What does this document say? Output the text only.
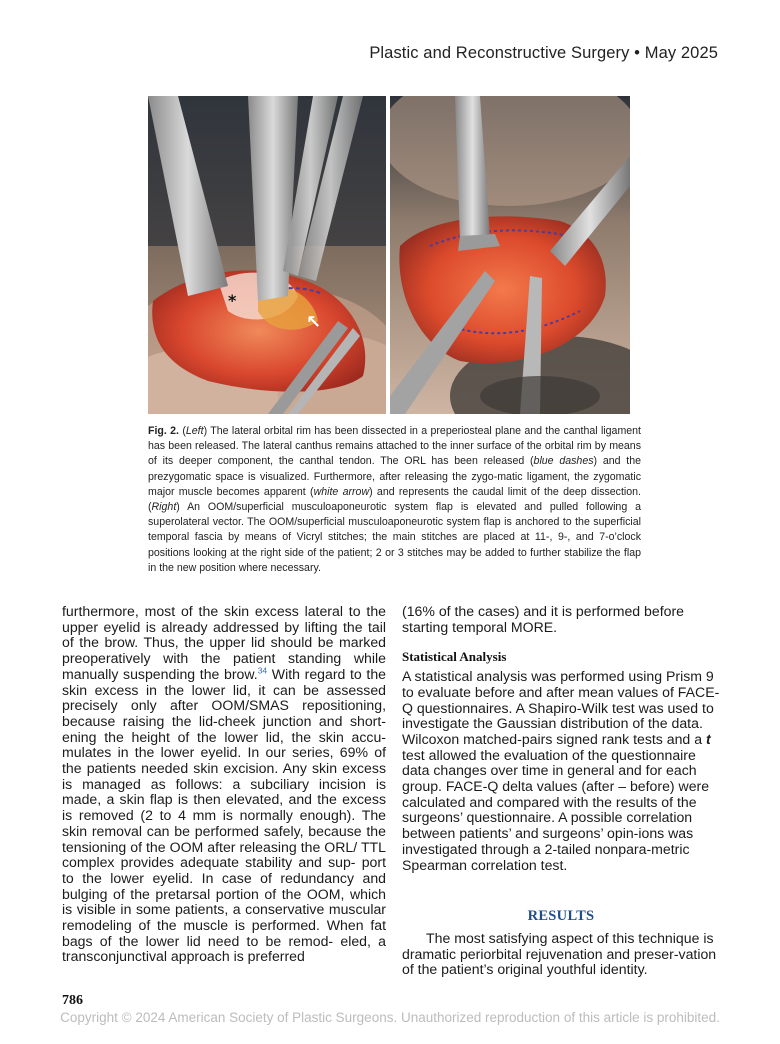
Plastic and Reconstructive Surgery • May 2025
*
↖
Fig. 2. (Left) The lateral orbital rim has been dissected in a preperiosteal plane and the canthal ligament has been released. The lateral canthus remains attached to the inner surface of the orbital rim by means of its deeper component, the canthal tendon. The ORL has been released (blue dashes) and the prezygomatic space is visualized. Furthermore, after releasing the zygo-matic ligament, the zygomatic major muscle becomes apparent (white arrow) and represents the caudal limit of the deep dissection. (Right) An OOM/superficial musculoaponeurotic system flap is elevated and pulled following a superolateral vector. The OOM/superficial musculoaponeurotic system flap is anchored to the superficial temporal fascia by means of Vicryl stitches; the main stitches are placed at 11-, 9-, and 7-o’clock positions looking at the right side of the patient; 2 or 3 stitches may be added to further stabilize the flap in the new position where necessary.

furthermore, most of the skin excess lateral to the upper eyelid is already addressed by lifting the tail of the brow. Thus, the upper lid should be marked preoperatively with the patient standing while manually suspending the brow.$^{34}$ With regard to the skin excess in the lower lid, it can be assessed precisely only after OOM/SMAS repositioning, because raising the lid-cheek junction and short-ening the height of the lower lid, the skin accu-mulates in the lower eyelid. In our series, 69% of the patients needed skin excision. Any skin excess is managed as follows: a subciliary incision is made, a skin flap is then elevated, and the excess is removed (2 to 4 mm is normally enough). The skin removal can be performed safely, because the tensioning of the OOM after releasing the ORL/ TTL complex provides adequate stability and sup- port to the lower eyelid. In case of redundancy and bulging of the pretarsal portion of the OOM, which is visible in some patients, a conservative muscular remodeling of the muscle is performed. When fat bags of the lower lid need to be remod- eled, a transconjunctival approach is preferred

(16% of the cases) and it is performed before starting temporal MORE.

Statistical Analysis

A statistical analysis was performed using Prism 9 to evaluate before and after mean values of FACE-Q questionnaires. A Shapiro-Wilk test was used to investigate the Gaussian distribution of the data. Wilcoxon matched-pairs signed rank tests and a t test allowed the evaluation of the questionnaire data changes over time in general and for each group. FACE-Q delta values (after – before) were calculated and compared with the results of the surgeons’ questionnaire. A possible correlation between patients’ and surgeons’ opin-ions was investigated through a 2-tailed nonpara-metric Spearman correlation test.

RESULTS

The most satisfying aspect of this technique is dramatic periorbital rejuvenation and preser-vation of the patient’s original youthful identity.

786
Copyright © 2024 American Society of Plastic Surgeons. Unauthorized reproduction of this article is prohibited.
